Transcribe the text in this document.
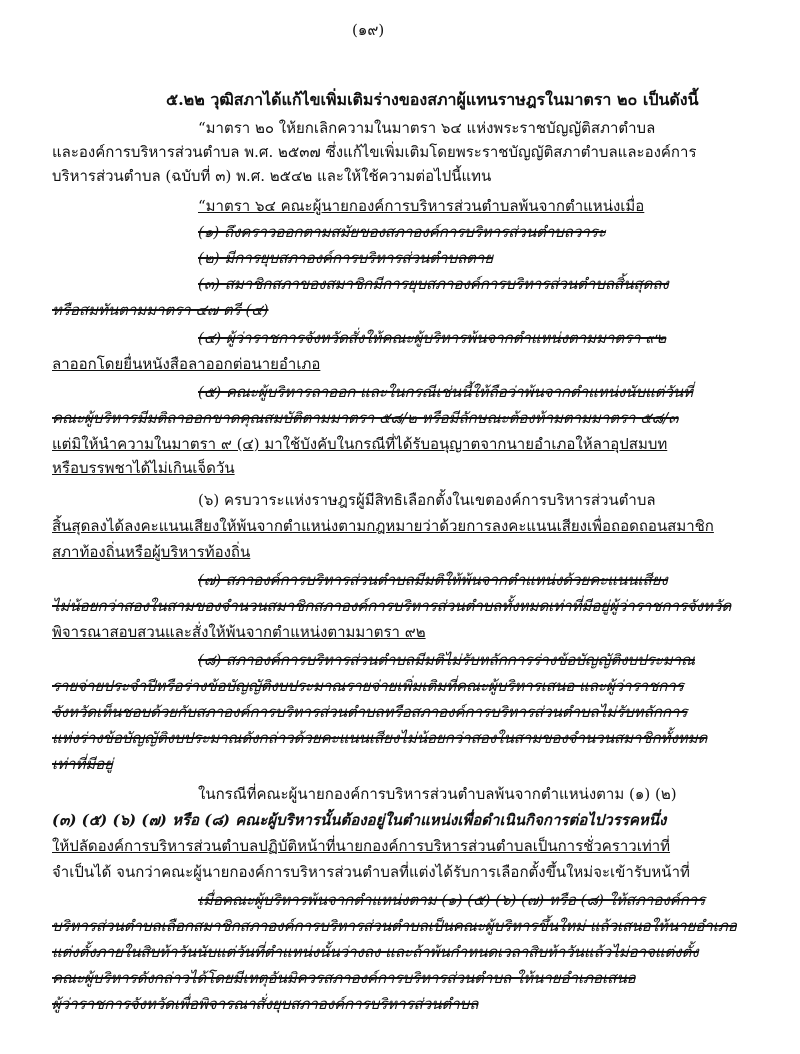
(๑๙)
๕.๒๒ วุฒิสภาได้แก้ไขเพิ่มเติมร่างของสภาผู้แทนราษฎรในมาตรา ๒๐ เป็นดังนี้
“มาตรา ๒๐ ให้ยกเลิกความในมาตรา ๖๔ แห่งพระราชบัญญัติสภาตำบล
และองค์การบริหารส่วนตำบล พ.ศ. ๒๕๓๗ ซึ่งแก้ไขเพิ่มเติมโดยพระราชบัญญัติสภาตำบลและองค์การ
บริหารส่วนตำบล (ฉบับที่ ๓) พ.ศ. ๒๕๔๒ และให้ใช้ความต่อไปนี้แทน
“มาตรา ๖๔ คณะผู้นายกองค์การบริหารส่วนตำบลพ้นจากตำแหน่งเมื่อ
(๑) ถึงคราวออกตามสมัยของสภาองค์การบริหารส่วนตำบลวาระ
(๒) มีการยุบสภาองค์การบริหารส่วนตำบลตาย
(๓) สมาชิกสภาของสมาชิกมีการยุบสภาองค์การบริหารส่วนตำบลสิ้นสุดลง
หรือสมทันตามมาตรา ๔๗ ตรี (๔)
(๔) ผู้ว่าราชการจังหวัดสั่งให้คณะผู้บริหารพ้นจากตำแหน่งตามมาตรา ๙๒
ลาออกโดยยื่นหนังสือลาออกต่อนายอำเภอ
(๕) คณะผู้บริหารลาออก และในกรณีเช่นนี้ให้ถือว่าพ้นจากตำแหน่งนับแต่วันที่
คณะผู้บริหารมีมติลาออกขาดคุณสมบัติตามมาตรา ๕๘/๒ หรือมีลักษณะต้องห้ามตามมาตรา ๕๘/๓
แต่มิให้นำความในมาตรา ๙ (๔) มาใช้บังคับในกรณีที่ได้รับอนุญาตจากนายอำเภอให้ลาอุปสมบท
หรือบรรพชาได้ไม่เกินเจ็ดวัน
(๖) ครบวาระแห่งราษฎรผู้มีสิทธิเลือกตั้งในเขตองค์การบริหารส่วนตำบล
สิ้นสุดลงได้ลงคะแนนเสียงให้พ้นจากตำแหน่งตามกฎหมายว่าด้วยการลงคะแนนเสียงเพื่อถอดถอนสมาชิก
สภาท้องถิ่นหรือผู้บริหารท้องถิ่น
(๗) สภาองค์การบริหารส่วนตำบลมีมติให้พ้นจากตำแหน่งด้วยคะแนนเสียง
ไม่น้อยกว่าสองในสามของจำนวนสมาชิกสภาองค์การบริหารส่วนตำบลทั้งหมดเท่าที่มีอยู่ผู้ว่าราชการจังหวัด
พิจารณาสอบสวนและสั่งให้พ้นจากตำแหน่งตามมาตรา ๙๒
(๘) สภาองค์การบริหารส่วนตำบลมีมติไม่รับหลักการร่างข้อบัญญัติงบประมาณ
รายจ่ายประจำปีหรือร่างข้อบัญญัติงบประมาณรายจ่ายเพิ่มเติมที่คณะผู้บริหารเสนอ และผู้ว่าราชการ
จังหวัดเห็นชอบด้วยกับสภาองค์การบริหารส่วนตำบลหรือสภาองค์การบริหารส่วนตำบลไม่รับหลักการ
แห่งร่างข้อบัญญัติงบประมาณดังกล่าวด้วยคะแนนเสียงไม่น้อยกว่าสองในสามของจำนวนสมาชิกทั้งหมด
เท่าที่มีอยู่
ในกรณีที่คณะผู้นายกองค์การบริหารส่วนตำบลพ้นจากตำแหน่งตาม (๑) (๒)
(๓) (๕) (๖) (๗) หรือ (๘) คณะผู้บริหารนั้นต้องอยู่ในตำแหน่งเพื่อดำเนินกิจการต่อไปวรรคหนึ่ง
ให้ปลัดองค์การบริหารส่วนตำบลปฏิบัติหน้าที่นายกองค์การบริหารส่วนตำบลเป็นการชั่วคราวเท่าที่
จำเป็นได้ จนกว่าคณะผู้นายกองค์การบริหารส่วนตำบลที่แต่งได้รับการเลือกตั้งขึ้นใหม่จะเข้ารับหน้าที่
เมื่อคณะผู้บริหารพ้นจากตำแหน่งตาม (๑) (๕) (๖) (๗) หรือ (๘) ให้สภาองค์การ
บริหารส่วนตำบลเลือกสมาชิกสภาองค์การบริหารส่วนตำบลเป็นคณะผู้บริหารขึ้นใหม่ แล้วเสนอให้นายอำเภอ
แต่งตั้งภายในสิบห้าวันนับแต่วันที่ตำแหน่งนั้นว่างลง และถ้าพ้นกำหนดเวลาสิบห้าวันแล้วไม่อาจแต่งตั้ง
คณะผู้บริหารดังกล่าวได้โดยมีเหตุอันมิควรสภาองค์การบริหารส่วนตำบล ให้นายอำเภอเสนอ
ผู้ว่าราชการจังหวัดเพื่อพิจารณาสั่งยุบสภาองค์การบริหารส่วนตำบล
